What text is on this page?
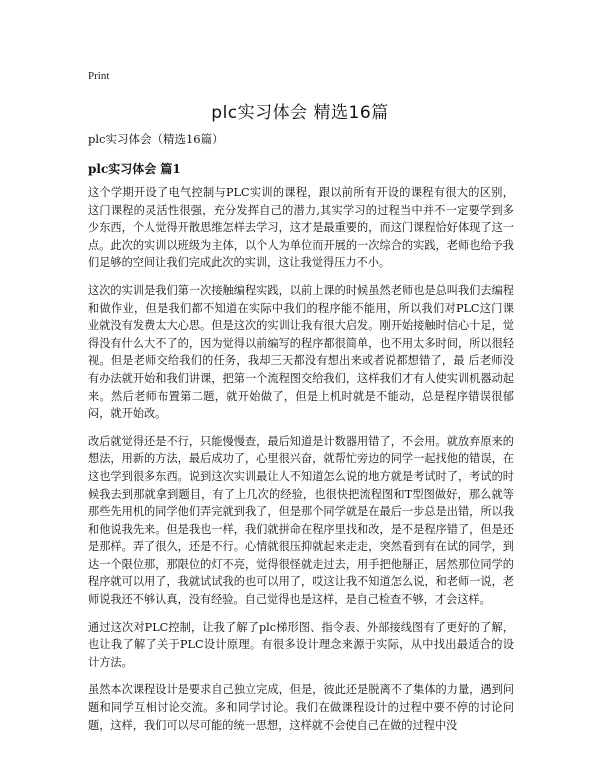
Print
plc实习体会 精选16篇
plc实习体会（精选16篇）
plc实习体会 篇1

这个学期开设了电气控制与PLC实训的课程，跟以前所有开设的课程有很大的区别，这门课程的灵活性很强，充分发挥自己的潜力,其实学习的过程当中并不一定要学到多少东西，个人觉得开散思维怎样去学习，这才是最重要的，而这门课程恰好体现了这一点。此次的实训以班级为主体，以个人为单位而开展的一次综合的实践，老师也给予我们足够的空间让我们完成此次的实训，这让我觉得压力不小。

这次的实训是我们第一次接触编程实践，以前上课的时候虽然老师也是总叫我们去编程和做作业，但是我们都不知道在实际中我们的程序能不能用，所以我们对PLC这门课业就没有发费太大心思。但是这次的实训让我有很大启发。刚开始接触时信心十足，觉得没有什么大不了的，因为觉得以前编写的程序都很简单，也不用太多时间，所以很轻视。但是老师交给我们的任务，我却三天都没有想出来或者说都想错了，最 后老师没有办法就开始和我们讲课，把第一个流程图交给我们，这样我们才有人使实训机器动起来。然后老师布置第二题，就开始做了，但是上机时就是不能动，总是程序错误很郁闷，就开始改。

改后就觉得还是不行，只能慢慢查，最后知道是计数器用错了，不会用。就放弃原来的想法，用新的方法，最后成功了，心里很兴奋，就帮忙旁边的同学一起找他的错误，在这也学到很多东西。说到这次实训最让人不知道怎么说的地方就是考试时了，考试的时候我去到那就拿到题目，有了上几次的经验，也很快把流程图和T型图做好，那么就等那些先用机的同学他们弄完就到我了，但是那个同学就是在最后一步总是出错，所以我和他说我先来。但是我也一样，我们就拼命在程序里找和改，是不是程序错了，但是还是那样。弄了很久，还是不行。心情就很压抑就起来走走，突然看到有在试的同学，到达一个限位那，那限位的灯不亮，觉得很怪就走过去，用手把他掰正，居然那位同学的程序就可以用了，我就试试我的也可以用了，哎这让我不知道怎么说，和老师一说，老师说我还不够认真，没有经验。自己觉得也是这样，是自己检查不够，才会这样。

通过这次对PLC控制，让我了解了plc梯形图、指令表、外部接线图有了更好的了解，也让我了解了关于PLC设计原理。有很多设计理念来源于实际，从中找出最适合的设计方法。

虽然本次课程设计是要求自己独立完成，但是，彼此还是脱离不了集体的力量，遇到问题和同学互相讨论交流。多和同学讨论。我们在做课程设计的过程中要不停的讨论问题，这样，我们可以尽可能的统一思想，这样就不会使自己在做的过程中没
